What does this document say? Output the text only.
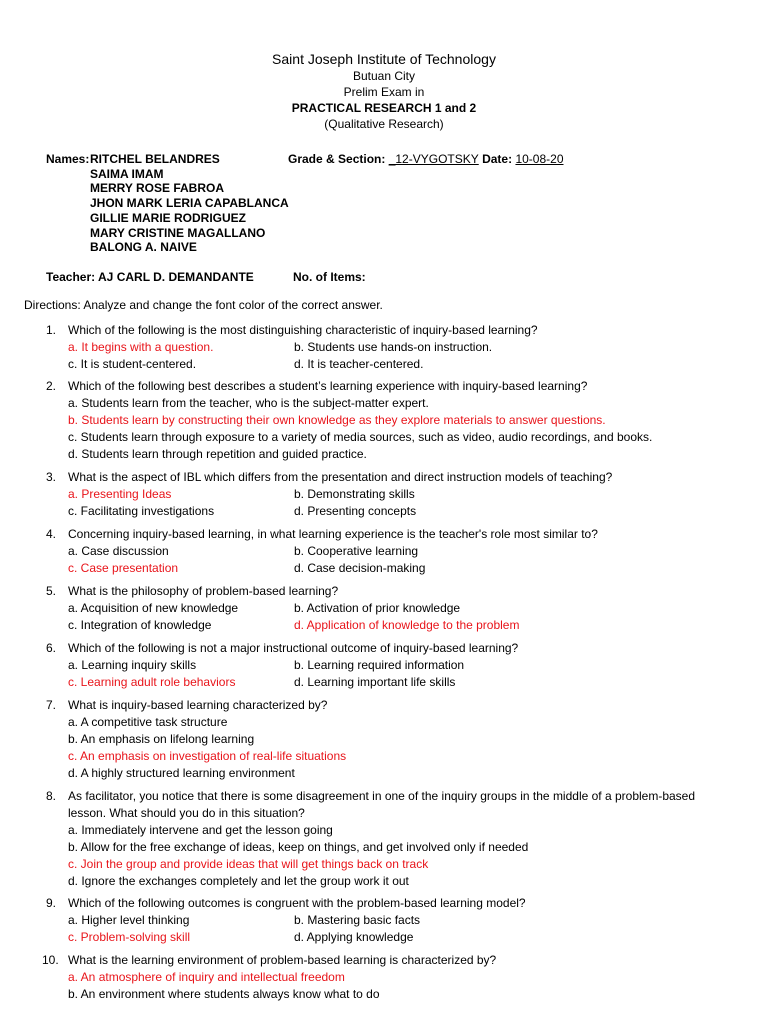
Saint Joseph Institute of Technology
Butuan City
Prelim Exam in
PRACTICAL RESEARCH 1 and 2
(Qualitative Research)
Names:RITCHEL BELANDRES
SAIMA IMAM
MERRY ROSE FABROA
JHON MARK LERIA CAPABLANCA
GILLIE MARIE RODRIGUEZ
MARY CRISTINE MAGALLANO
BALONG A. NAIVE
Grade & Section: _12-VYGOTSKY Date: 10-08-20
Teacher: AJ CARL D. DEMANDANTE	No. of Items:
Directions: Analyze and change the font color of the correct answer.
1. Which of the following is the most distinguishing characteristic of inquiry-based learning?
a. It begins with a question.	b. Students use hands-on instruction.
c. It is student-centered.	d. It is teacher-centered.
2. Which of the following best describes a student’s learning experience with inquiry-based learning?
a. Students learn from the teacher, who is the subject-matter expert.
b. Students learn by constructing their own knowledge as they explore materials to answer questions.
c. Students learn through exposure to a variety of media sources, such as video, audio recordings, and books.
d. Students learn through repetition and guided practice.
3. What is the aspect of IBL which differs from the presentation and direct instruction models of teaching?
a. Presenting Ideas	b. Demonstrating skills
c. Facilitating investigations	d. Presenting concepts
4. Concerning inquiry-based learning, in what learning experience is the teacher's role most similar to?
a. Case discussion	b. Cooperative learning
c. Case presentation	d. Case decision-making
5. What is the philosophy of problem-based learning?
a. Acquisition of new knowledge	b. Activation of prior knowledge
c. Integration of knowledge	d. Application of knowledge to the problem
6. Which of the following is not a major instructional outcome of inquiry-based learning?
a. Learning inquiry skills	b. Learning required information
c. Learning adult role behaviors	d. Learning important life skills
7. What is inquiry-based learning characterized by?
a. A competitive task structure
b. An emphasis on lifelong learning
c. An emphasis on investigation of real-life situations
d. A highly structured learning environment
8. As facilitator, you notice that there is some disagreement in one of the inquiry groups in the middle of a problem-based
lesson. What should you do in this situation?
a. Immediately intervene and get the lesson going
b. Allow for the free exchange of ideas, keep on things, and get involved only if needed
c. Join the group and provide ideas that will get things back on track
d. Ignore the exchanges completely and let the group work it out
9. Which of the following outcomes is congruent with the problem-based learning model?
a. Higher level thinking	b. Mastering basic facts
c. Problem-solving skill	d. Applying knowledge
10. What is the learning environment of problem-based learning is characterized by?
a. An atmosphere of inquiry and intellectual freedom
b. An environment where students always know what to do
